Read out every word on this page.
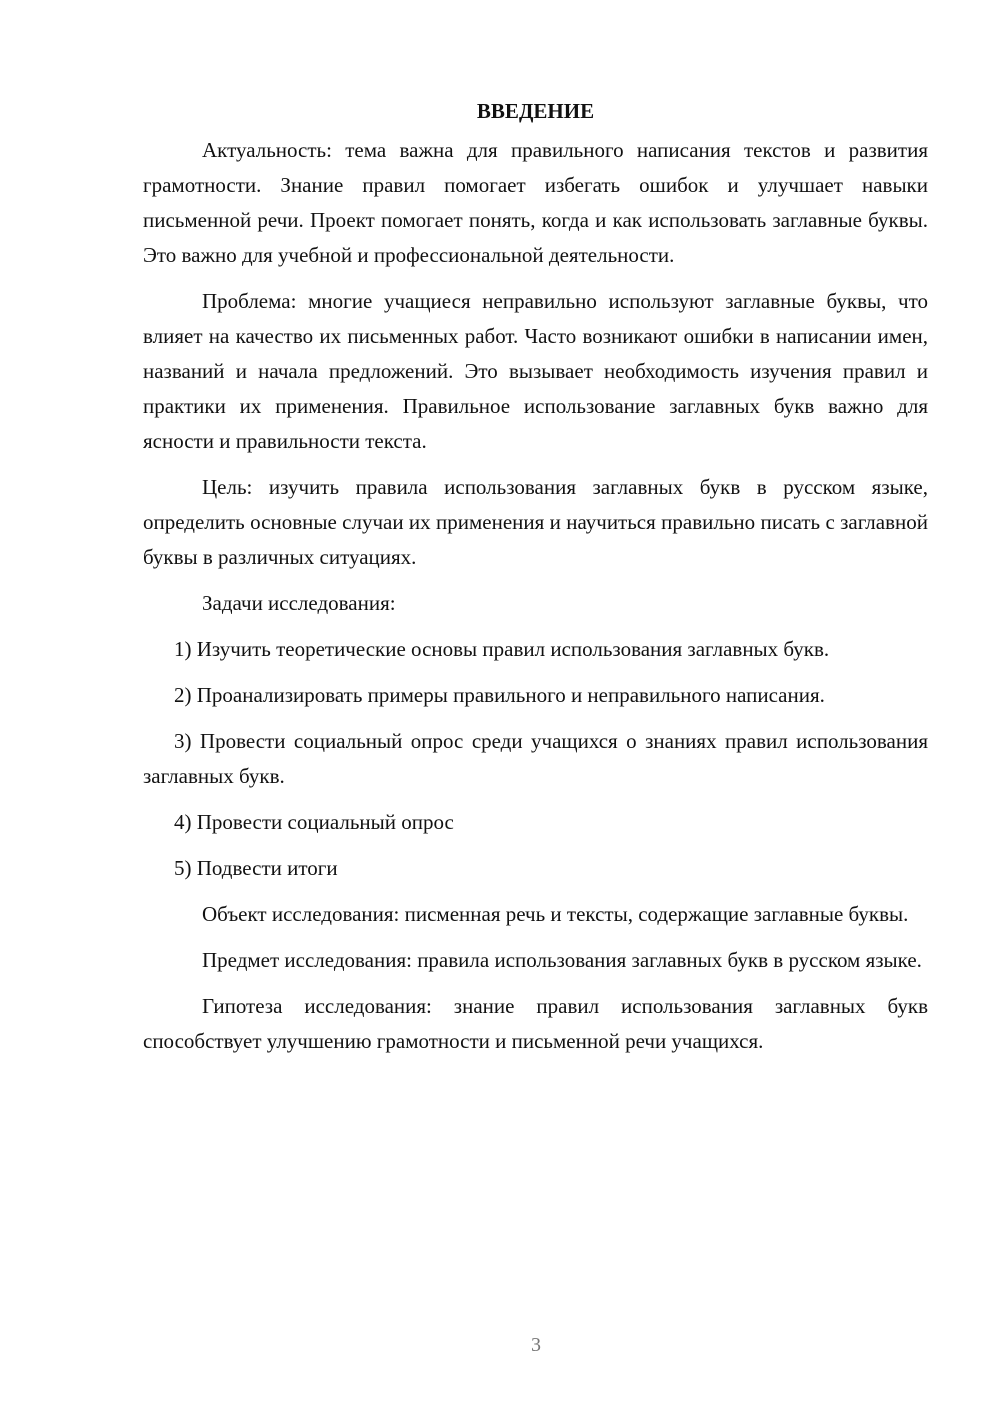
ВВЕДЕНИЕ

Актуальность: тема важна для правильного написания текстов и развития грамотности. Знание правил помогает избегать ошибок и улучшает навыки письменной речи. Проект помогает понять, когда и как использовать заглавные буквы. Это важно для учебной и профессиональной деятельности.

Проблема: многие учащиеся неправильно используют заглавные буквы, что влияет на качество их письменных работ. Часто возникают ошибки в написании имен, названий и начала предложений. Это вызывает необходимость изучения правил и практики их применения. Правильное использование заглавных букв важно для ясности и правильности текста.

Цель: изучить правила использования заглавных букв в русском языке, определить основные случаи их применения и научиться правильно писать с заглавной буквы в различных ситуациях.

Задачи исследования:

1) Изучить теоретические основы правил использования заглавных букв.

2) Проанализировать примеры правильного и неправильного написания.

3) Провести социальный опрос среди учащихся о знаниях правил использования заглавных букв.

4) Провести социальный опрос

5) Подвести итоги

Объект исследования: писменная речь и тексты, содержащие заглавные буквы.

Предмет исследования: правила использования заглавных букв в русском языке.

Гипотеза исследования: знание правил использования заглавных букв способствует улучшению грамотности и письменной речи учащихся.

3
